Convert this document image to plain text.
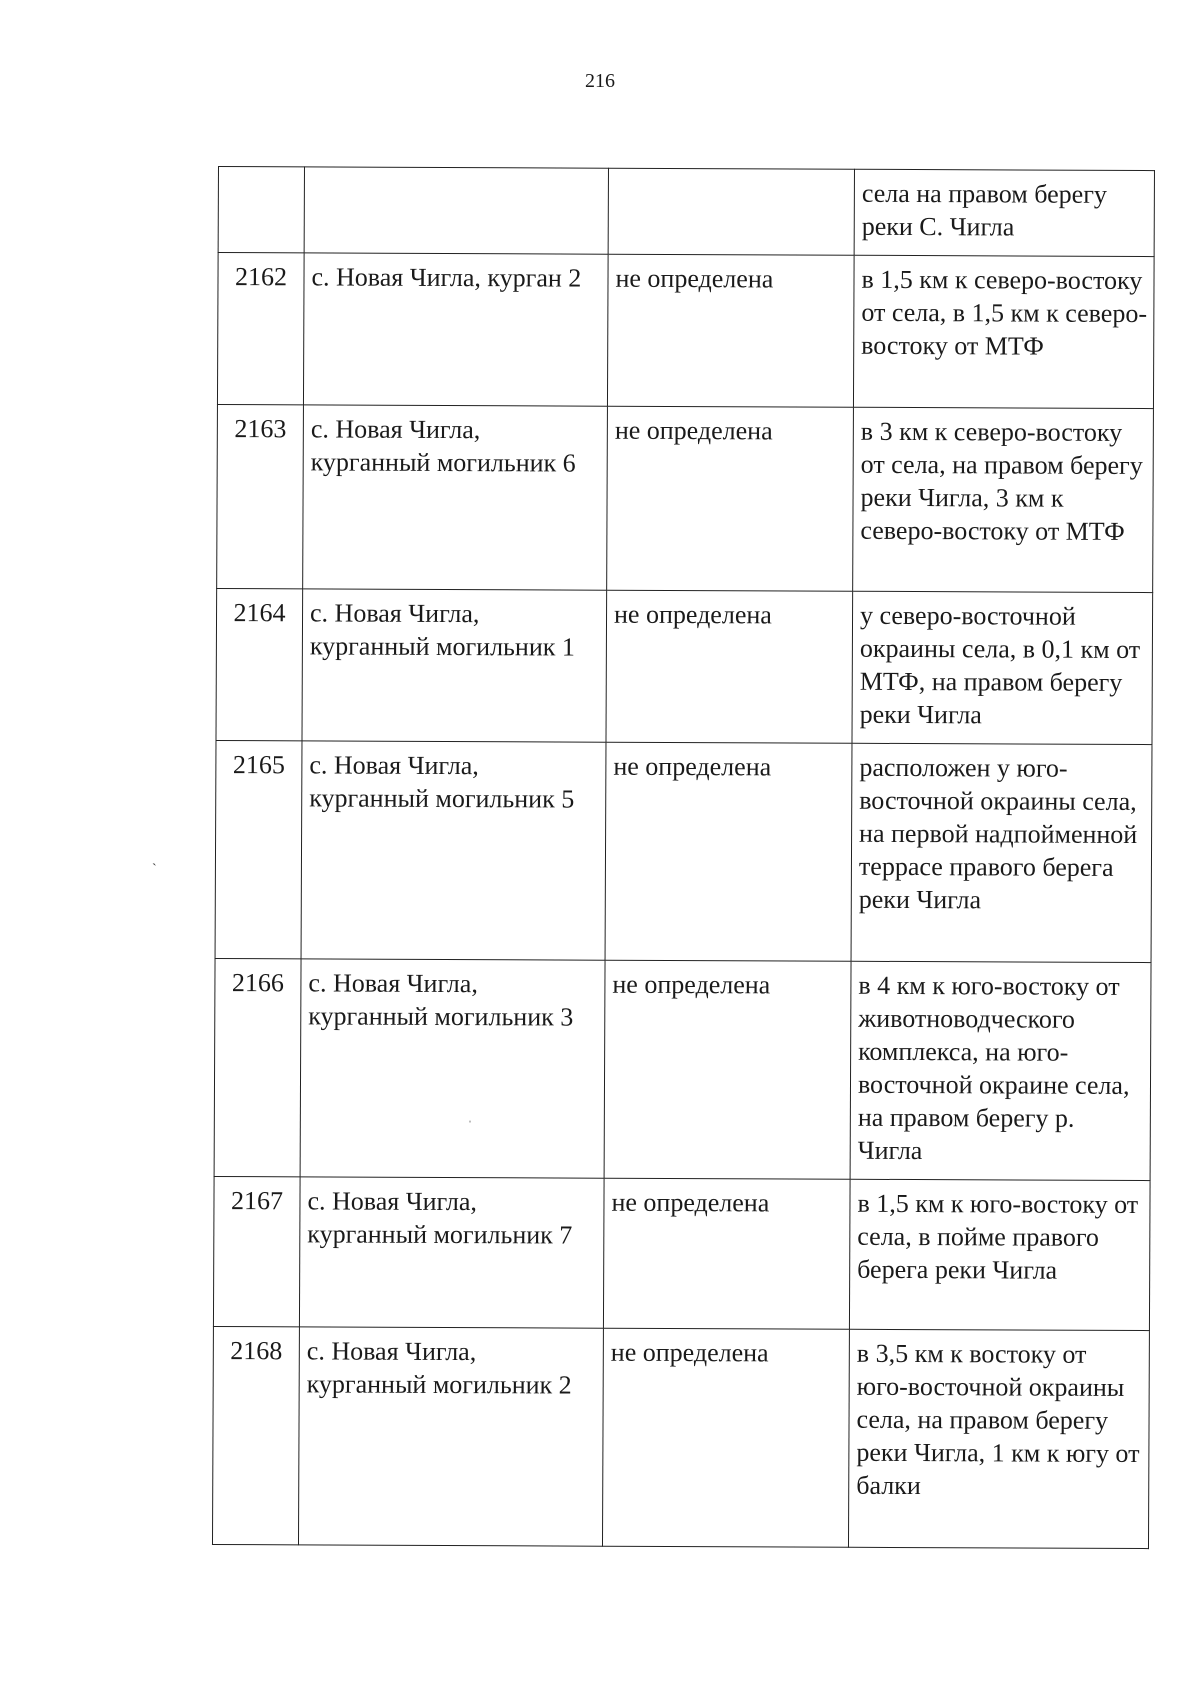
216
			села на правом берегу реки С. Чигла
2162	с. Новая Чигла, курган 2	не определена	в 1,5 км к северо-востоку от села, в 1,5 км к северо-востоку от МТФ
2163	с. Новая Чигла, курганный могильник 6	не определена	в 3 км к северо-востоку от села, на правом берегу реки Чигла, 3 км к северо-востоку от МТФ
2164	с. Новая Чигла, курганный могильник 1	не определена	у северо-восточной окраины села, в 0,1 км от МТФ, на правом берегу реки Чигла
2165	с. Новая Чигла, курганный могильник 5	не определена	расположен у юго-восточной окраины села, на первой надпойменной террасе правого берега реки Чигла
2166	с. Новая Чигла, курганный могильник 3	не определена	в 4 км к юго-востоку от животноводческого комплекса, на юго-восточной окраине села, на правом берегу р. Чигла
2167	с. Новая Чигла, курганный могильник 7	не определена	в 1,5 км к юго-востоку от села, в пойме правого берега реки Чигла
2168	с. Новая Чигла, курганный могильник 2	не определена	в 3,5 км к востоку от юго-восточной окраины села, на правом берегу реки Чигла, 1 км к югу от балки
`
ˈ
